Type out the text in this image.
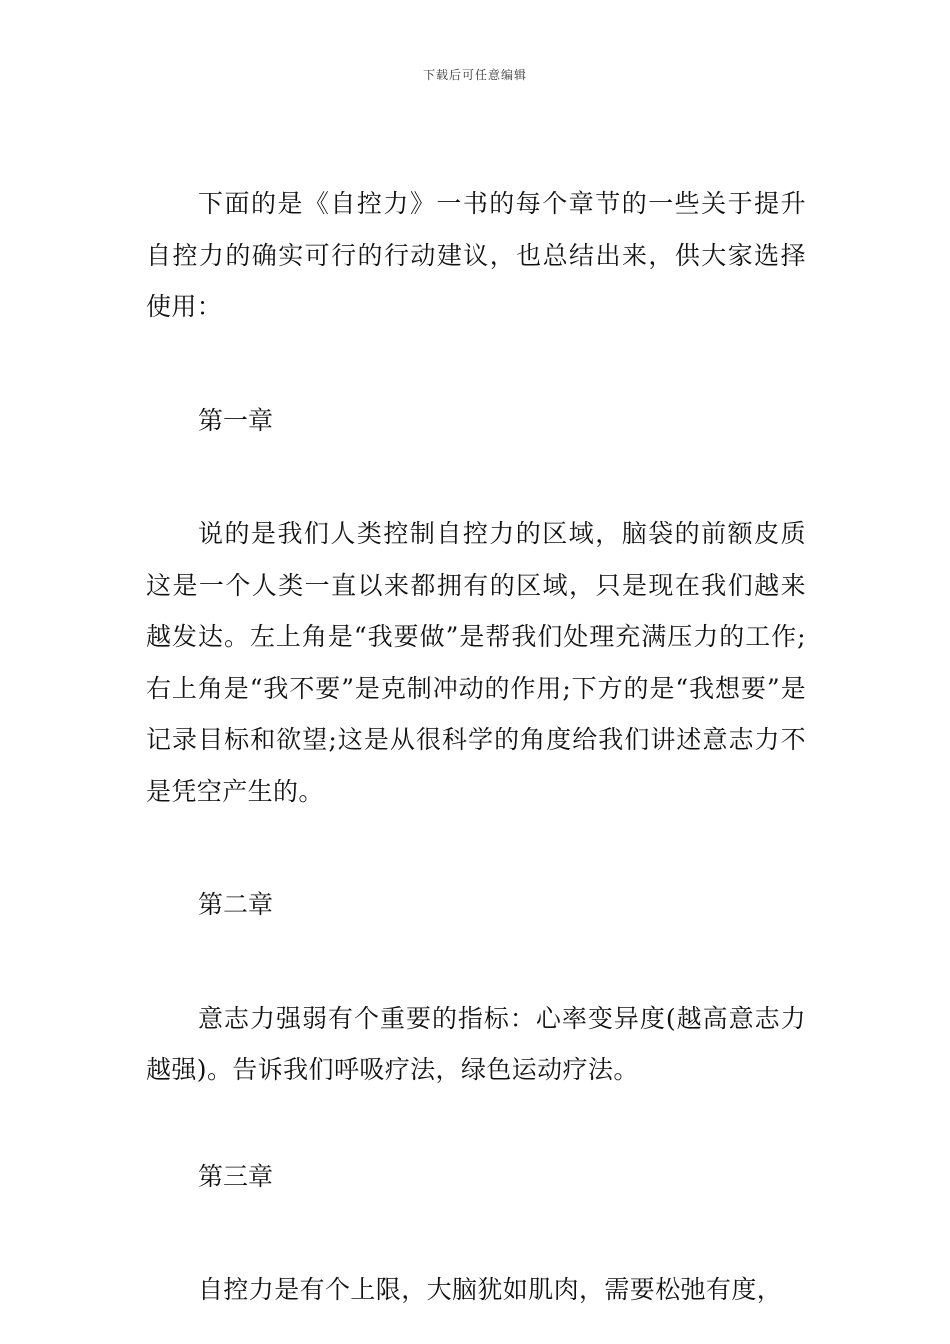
下载后可任意编辑

下面的是《自控力》一书的每个章节的一些关于提升自控力的确实可行的行动建议，也总结出来，供大家选择使用：

第一章

说的是我们人类控制自控力的区域，脑袋的前额皮质这是一个人类一直以来都拥有的区域，只是现在我们越来越发达。左上角是“我要做”是帮我们处理充满压力的工作;右上角是“我不要”是克制冲动的作用;下方的是“我想要”是记录目标和欲望;这是从很科学的角度给我们讲述意志力不是凭空产生的。

第二章

意志力强弱有个重要的指标：心率变异度(越高意志力越强)。告诉我们呼吸疗法，绿色运动疗法。

第三章

自控力是有个上限，大脑犹如肌肉，需要松弛有度，
